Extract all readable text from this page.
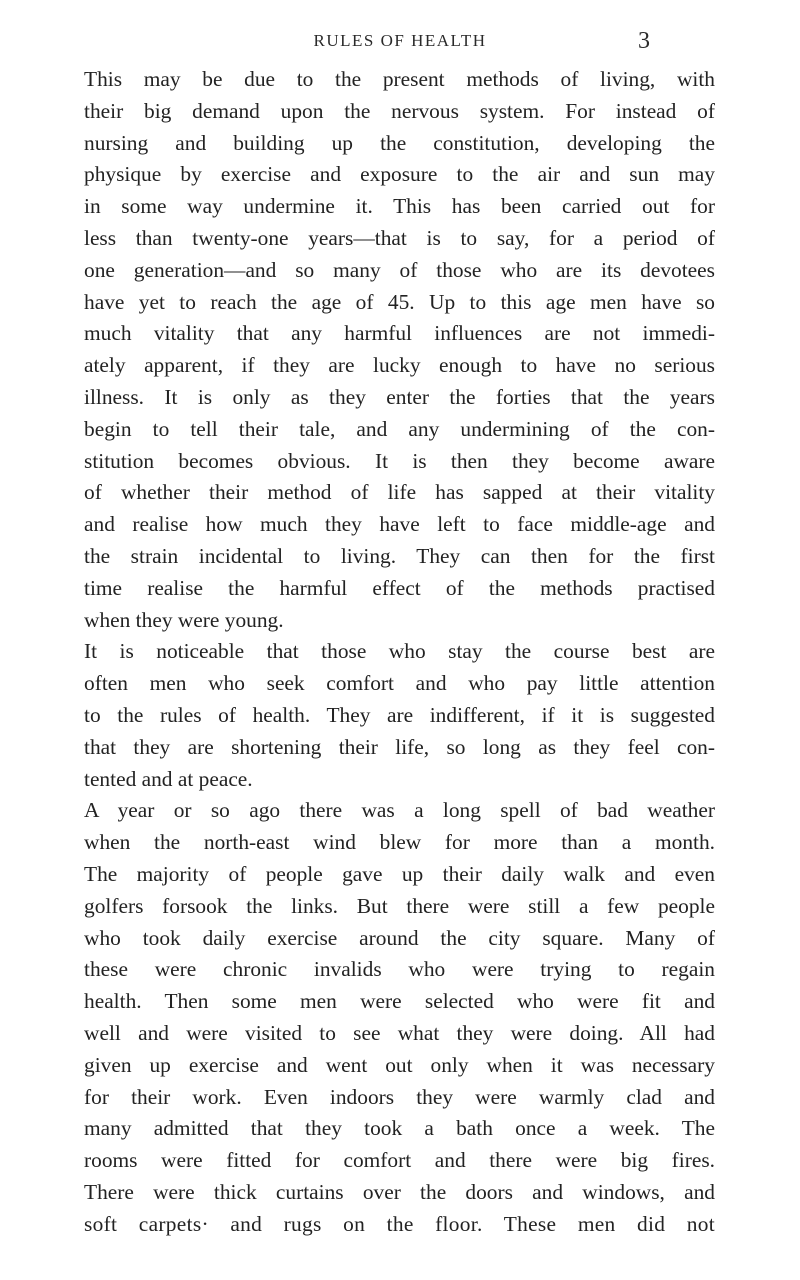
RULES OF HEALTH	3
This may be due to the present methods of living, with
their big demand upon the nervous system. For instead of
nursing and building up the constitution, developing the
physique by exercise and exposure to the air and sun may
in some way undermine it. This has been carried out for
less than twenty-one years—that is to say, for a period of
one generation—and so many of those who are its devotees
have yet to reach the age of 45. Up to this age men have so
much vitality that any harmful influences are not immedi-
ately apparent, if they are lucky enough to have no serious
illness. It is only as they enter the forties that the years
begin to tell their tale, and any undermining of the con-
stitution becomes obvious. It is then they become aware
of whether their method of life has sapped at their vitality
and realise how much they have left to face middle-age and
the strain incidental to living. They can then for the first
time realise the harmful effect of the methods practised
when they were young.
It is noticeable that those who stay the course best are
often men who seek comfort and who pay little attention
to the rules of health. They are indifferent, if it is suggested
that they are shortening their life, so long as they feel con-
tented and at peace.
A year or so ago there was a long spell of bad weather
when the north-east wind blew for more than a month.
The majority of people gave up their daily walk and even
golfers forsook the links. But there were still a few people
who took daily exercise around the city square. Many of
these were chronic invalids who were trying to regain
health. Then some men were selected who were fit and
well and were visited to see what they were doing. All had
given up exercise and went out only when it was necessary
for their work. Even indoors they were warmly clad and
many admitted that they took a bath once a week. The
rooms were fitted for comfort and there were big fires.
There were thick curtains over the doors and windows, and
soft carpets· and rugs on the floor. These men did not
